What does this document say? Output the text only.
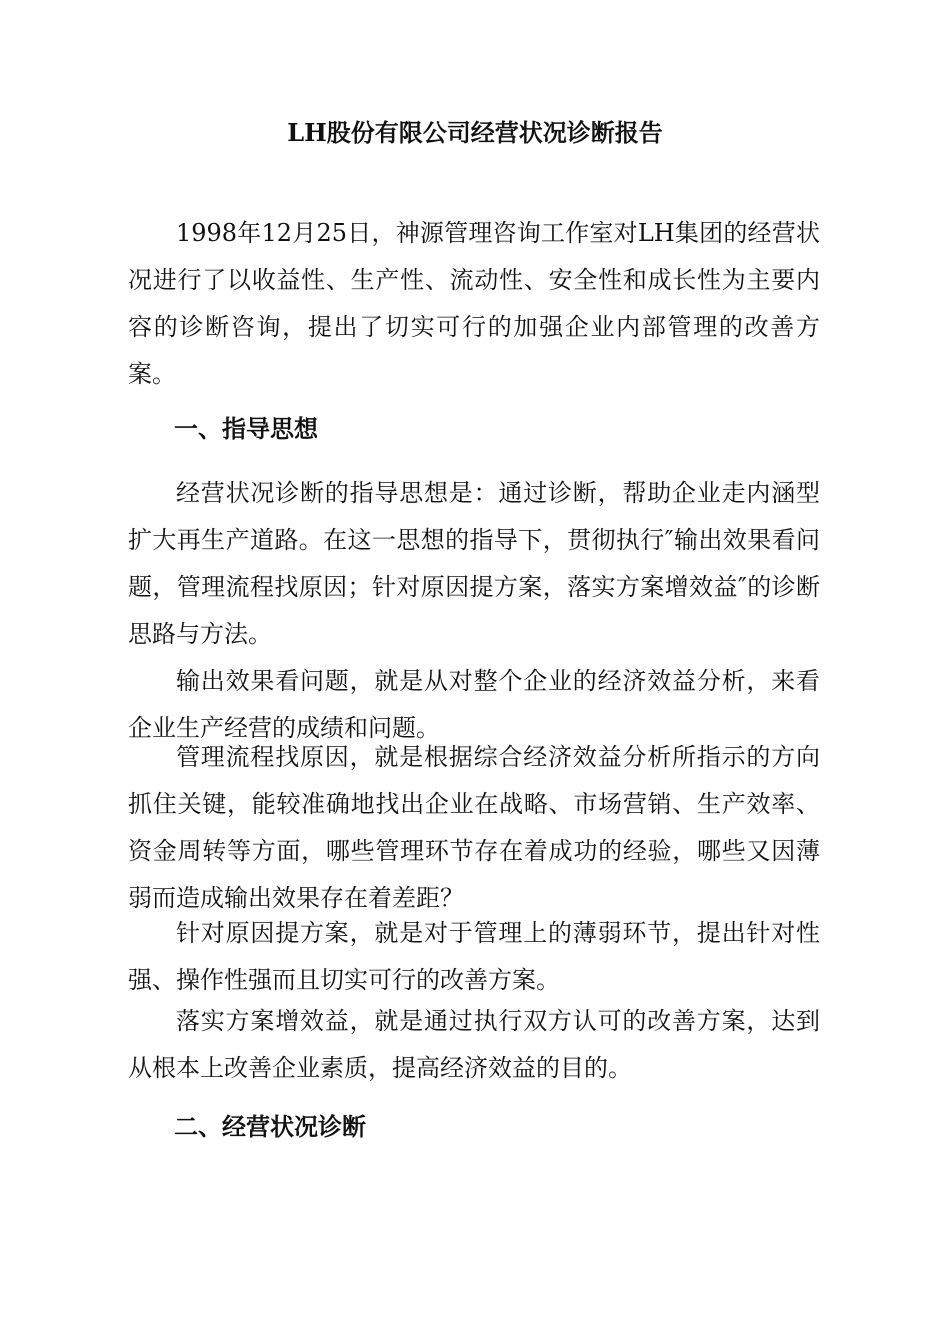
LH股份有限公司经营状况诊断报告

1998年12月25日，神源管理咨询工作室对LH集团的经营状况进行了以收益性、生产性、流动性、安全性和成长性为主要内容的诊断咨询，提出了切实可行的加强企业内部管理的改善方案。

一、指导思想

经营状况诊断的指导思想是：通过诊断，帮助企业走内涵型扩大再生产道路。在这一思想的指导下，贯彻执行″输出效果看问题，管理流程找原因；针对原因提方案，落实方案增效益″的诊断思路与方法。

输出效果看问题，就是从对整个企业的经济效益分析，来看企业生产经营的成绩和问题。

管理流程找原因，就是根据综合经济效益分析所指示的方向抓住关键，能较准确地找出企业在战略、市场营销、生产效率、资金周转等方面，哪些管理环节存在着成功的经验，哪些又因薄弱而造成输出效果存在着差距？

针对原因提方案，就是对于管理上的薄弱环节，提出针对性强、操作性强而且切实可行的改善方案。

落实方案增效益，就是通过执行双方认可的改善方案，达到从根本上改善企业素质，提高经济效益的目的。

二、经营状况诊断
